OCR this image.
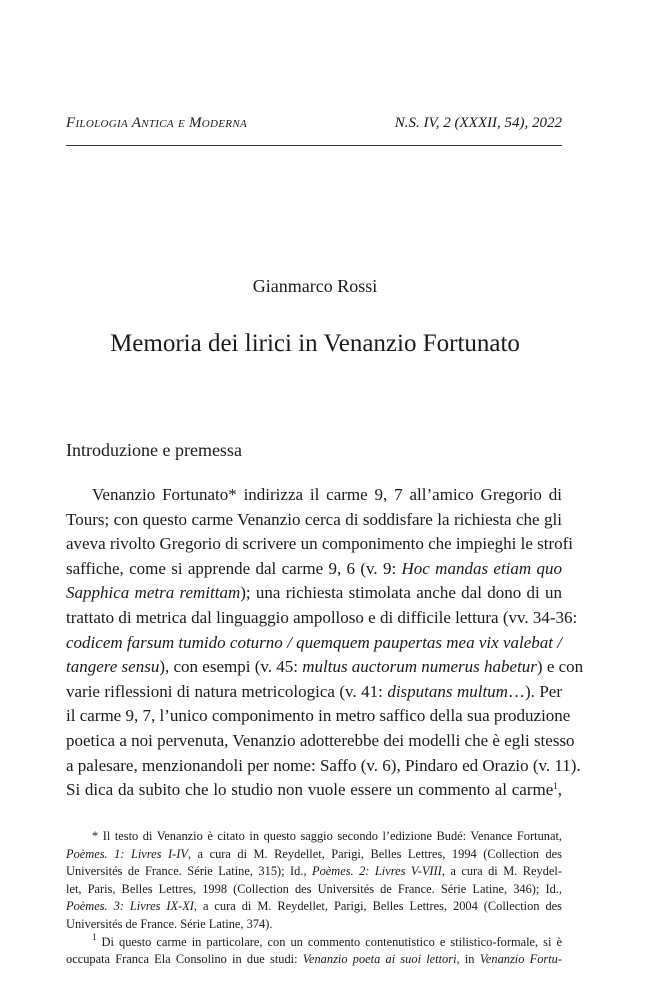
Filologia Antica e Moderna	N.S. IV, 2 (XXXII, 54), 2022
Gianmarco Rossi
Memoria dei lirici in Venanzio Fortunato
Introduzione e premessa
Venanzio Fortunato* indirizza il carme 9, 7 all’amico Gregorio di
Tours; con questo carme Venanzio cerca di soddisfare la richiesta che gli
aveva rivolto Gregorio di scrivere un componimento che impieghi le strofi
saffiche, come si apprende dal carme 9, 6 (v. 9: Hoc mandas etiam quo
Sapphica metra remittam); una richiesta stimolata anche dal dono di un
trattato di metrica dal linguaggio ampolloso e di difficile lettura (vv. 34-36:
codicem farsum tumido coturno / quemquem paupertas mea vix valebat /
tangere sensu), con esempi (v. 45: multus auctorum numerus habetur) e con
varie riflessioni di natura metricologica (v. 41: disputans multum…). Per
il carme 9, 7, l’unico componimento in metro saffico della sua produzione
poetica a noi pervenuta, Venanzio adotterebbe dei modelli che è egli stesso
a palesare, menzionandoli per nome: Saffo (v. 6), Pindaro ed Orazio (v. 11).
Si dica da subito che lo studio non vuole essere un commento al carme$^1$,
* Il testo di Venanzio è citato in questo saggio secondo l’edizione Budé: Venance Fortunat,
Poèmes. 1: Livres I-IV, a cura di M. Reydellet, Parigi, Belles Lettres, 1994 (Collection des
Universités de France. Série Latine, 315); Id., Poèmes. 2: Livres V-VIII, a cura di M. Reydel-
let, Paris, Belles Lettres, 1998 (Collection des Universités de France. Série Latine, 346); Id.,
Poèmes. 3: Livres IX-XI, a cura di M. Reydellet, Parigi, Belles Lettres, 2004 (Collection des
Universités de France. Série Latine, 374).
$^1$ Di questo carme in particolare, con un commento contenutistico e stilistico-formale, si è
occupata Franca Ela Consolino in due studi: Venanzio poeta ai suoi lettori, in Venanzio Fortu-
